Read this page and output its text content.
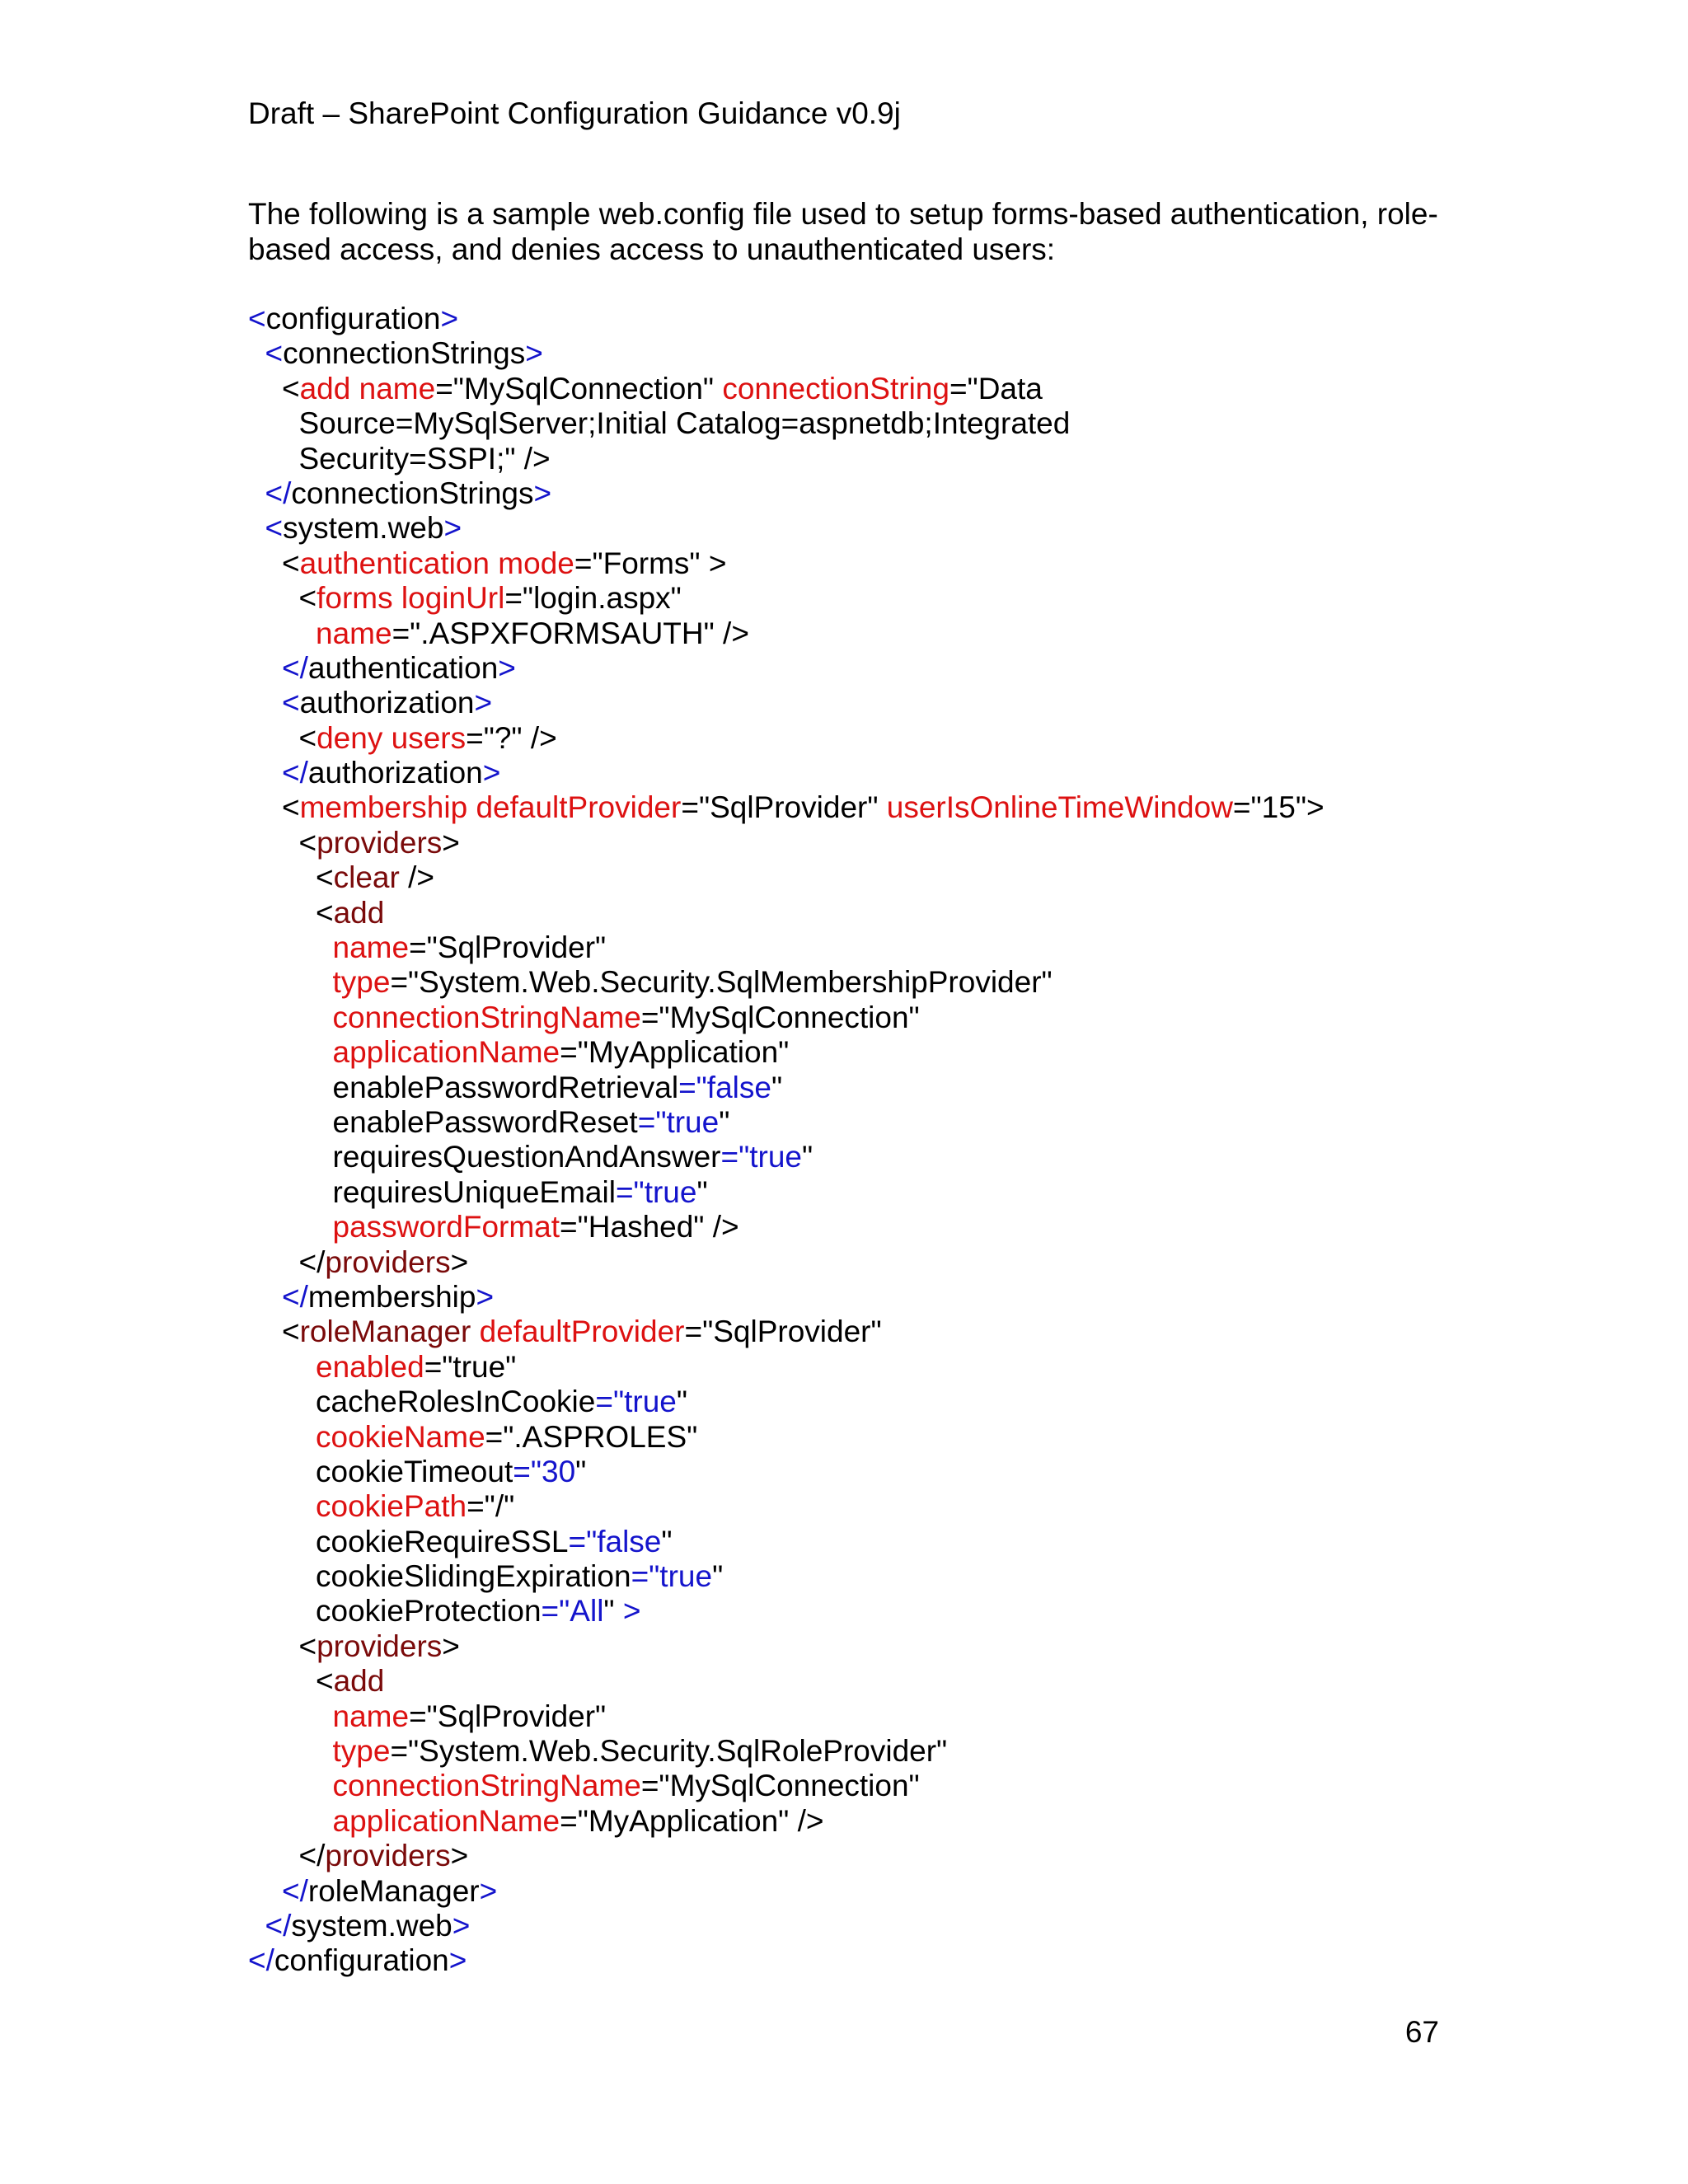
Draft – SharePoint Configuration Guidance v0.9j

The following is a sample web.config file used to setup forms-based authentication, role-

based access, and denies access to unauthenticated users:

<configuration>
<connectionStrings>
<add name="MySqlConnection" connectionString="Data
Source=MySqlServer;Initial Catalog=aspnetdb;Integrated
Security=SSPI;" />
</connectionStrings>
<system.web>
<authentication mode="Forms" >
<forms loginUrl="login.aspx"
name=".ASPXFORMSAUTH" />
</authentication>
<authorization>
<deny users="?" />
</authorization>
<membership defaultProvider="SqlProvider" userIsOnlineTimeWindow="15">
<providers>
<clear />
<add
name="SqlProvider"
type="System.Web.Security.SqlMembershipProvider"
connectionStringName="MySqlConnection"
applicationName="MyApplication"
enablePasswordRetrieval="false"
enablePasswordReset="true"
requiresQuestionAndAnswer="true"
requiresUniqueEmail="true"
passwordFormat="Hashed" />
</providers>
</membership>
<roleManager defaultProvider="SqlProvider"
enabled="true"
cacheRolesInCookie="true"
cookieName=".ASPROLES"
cookieTimeout="30"
cookiePath="/"
cookieRequireSSL="false"
cookieSlidingExpiration="true"
cookieProtection="All" >
<providers>
<add
name="SqlProvider"
type="System.Web.Security.SqlRoleProvider"
connectionStringName="MySqlConnection"
applicationName="MyApplication" />
</providers>
</roleManager>
</system.web>
</configuration>
67
